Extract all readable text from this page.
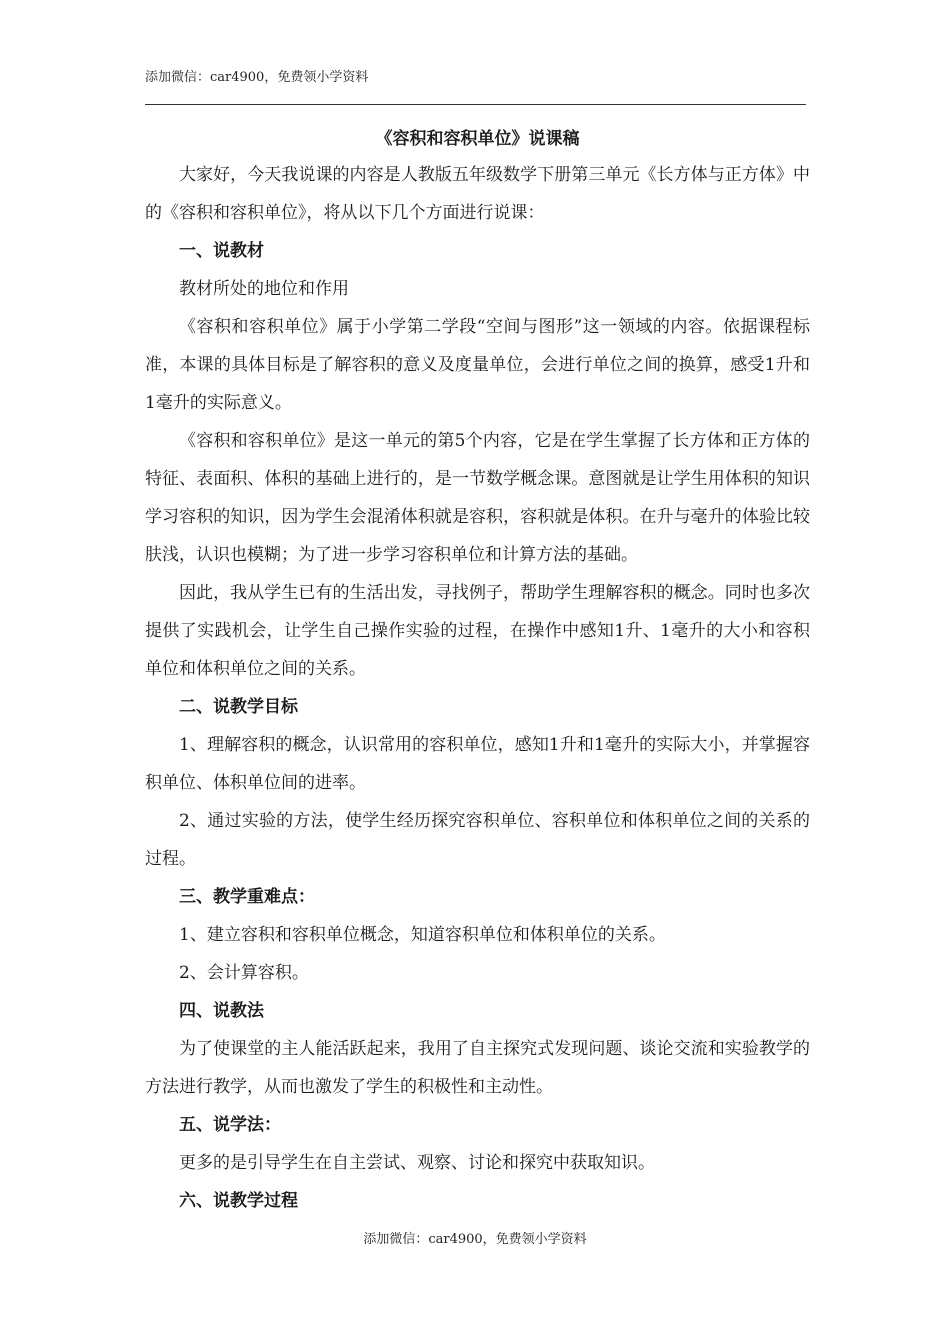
添加微信：car4900，免费领小学资料

《容积和容积单位》说课稿

大家好，今天我说课的内容是人教版五年级数学下册第三单元《长方体与正方体》中的《容积和容积单位》，将从以下几个方面进行说课：

一、说教材

教材所处的地位和作用

《容积和容积单位》属于小学第二学段“空间与图形”这一领域的内容。依据课程标准，本课的具体目标是了解容积的意义及度量单位，会进行单位之间的换算，感受1升和1毫升的实际意义。

《容积和容积单位》是这一单元的第5个内容，它是在学生掌握了长方体和正方体的特征、表面积、体积的基础上进行的，是一节数学概念课。意图就是让学生用体积的知识学习容积的知识，因为学生会混淆体积就是容积，容积就是体积。在升与毫升的体验比较肤浅，认识也模糊；为了进一步学习容积单位和计算方法的基础。

因此，我从学生已有的生活出发，寻找例子，帮助学生理解容积的概念。同时也多次提供了实践机会，让学生自己操作实验的过程，在操作中感知1升、1毫升的大小和容积单位和体积单位之间的关系。

二、说教学目标

1、理解容积的概念，认识常用的容积单位，感知1升和1毫升的实际大小，并掌握容积单位、体积单位间的进率。

2、通过实验的方法，使学生经历探究容积单位、容积单位和体积单位之间的关系的过程。

三、教学重难点：

1、建立容积和容积单位概念，知道容积单位和体积单位的关系。

2、会计算容积。

四、说教法

为了使课堂的主人能活跃起来，我用了自主探究式发现问题、谈论交流和实验教学的方法进行教学，从而也激发了学生的积极性和主动性。

五、说学法：

更多的是引导学生在自主尝试、观察、讨论和探究中获取知识。

六、说教学过程

添加微信：car4900，免费领小学资料
